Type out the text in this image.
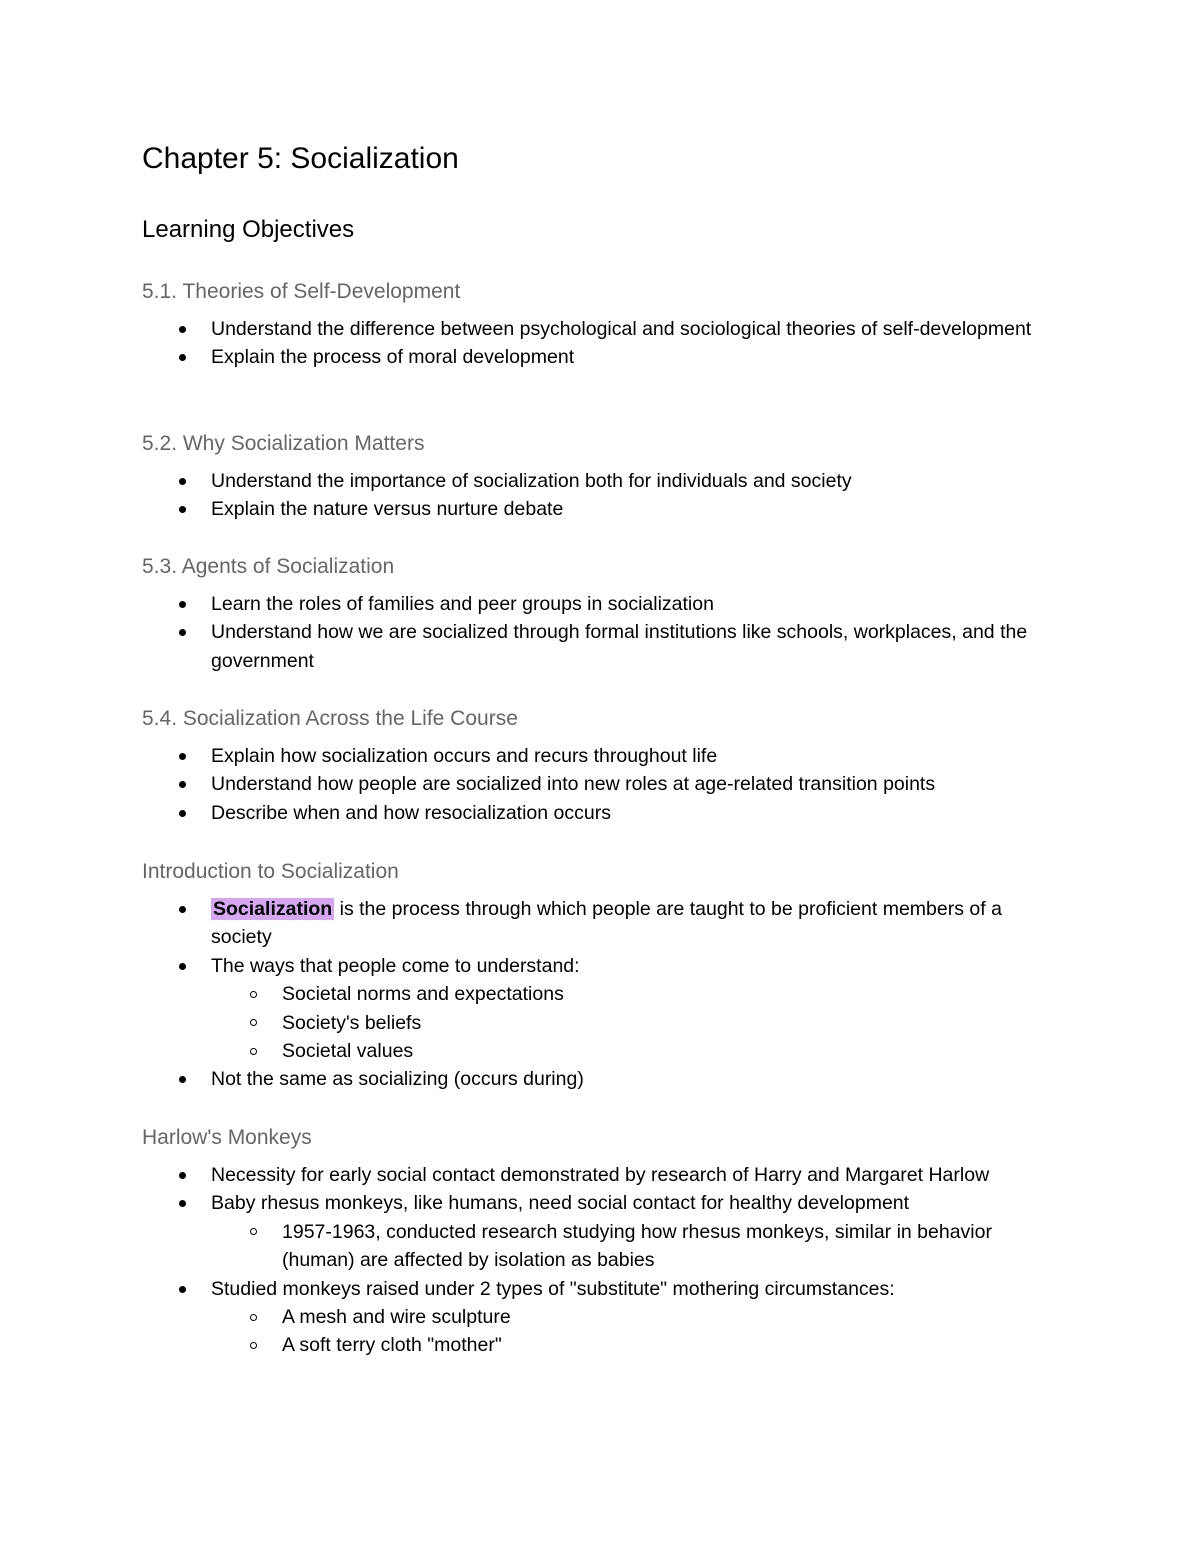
Chapter 5: Socialization
Learning Objectives
5.1. Theories of Self-Development
Understand the difference between psychological and sociological theories of self-development
Explain the process of moral development
5.2. Why Socialization Matters
Understand the importance of socialization both for individuals and society
Explain the nature versus nurture debate
5.3. Agents of Socialization
Learn the roles of families and peer groups in socialization
Understand how we are socialized through formal institutions like schools, workplaces, and the government
5.4. Socialization Across the Life Course
Explain how socialization occurs and recurs throughout life
Understand how people are socialized into new roles at age-related transition points
Describe when and how resocialization occurs
Introduction to Socialization
Socialization is the process through which people are taught to be proficient members of a society
The ways that people come to understand:
Societal norms and expectations
Society's beliefs
Societal values
Not the same as socializing (occurs during)
Harlow's Monkeys
Necessity for early social contact demonstrated by research of Harry and Margaret Harlow
Baby rhesus monkeys, like humans, need social contact for healthy development
1957-1963, conducted research studying how rhesus monkeys, similar in behavior (human) are affected by isolation as babies
Studied monkeys raised under 2 types of "substitute" mothering circumstances:
A mesh and wire sculpture
A soft terry cloth "mother"
